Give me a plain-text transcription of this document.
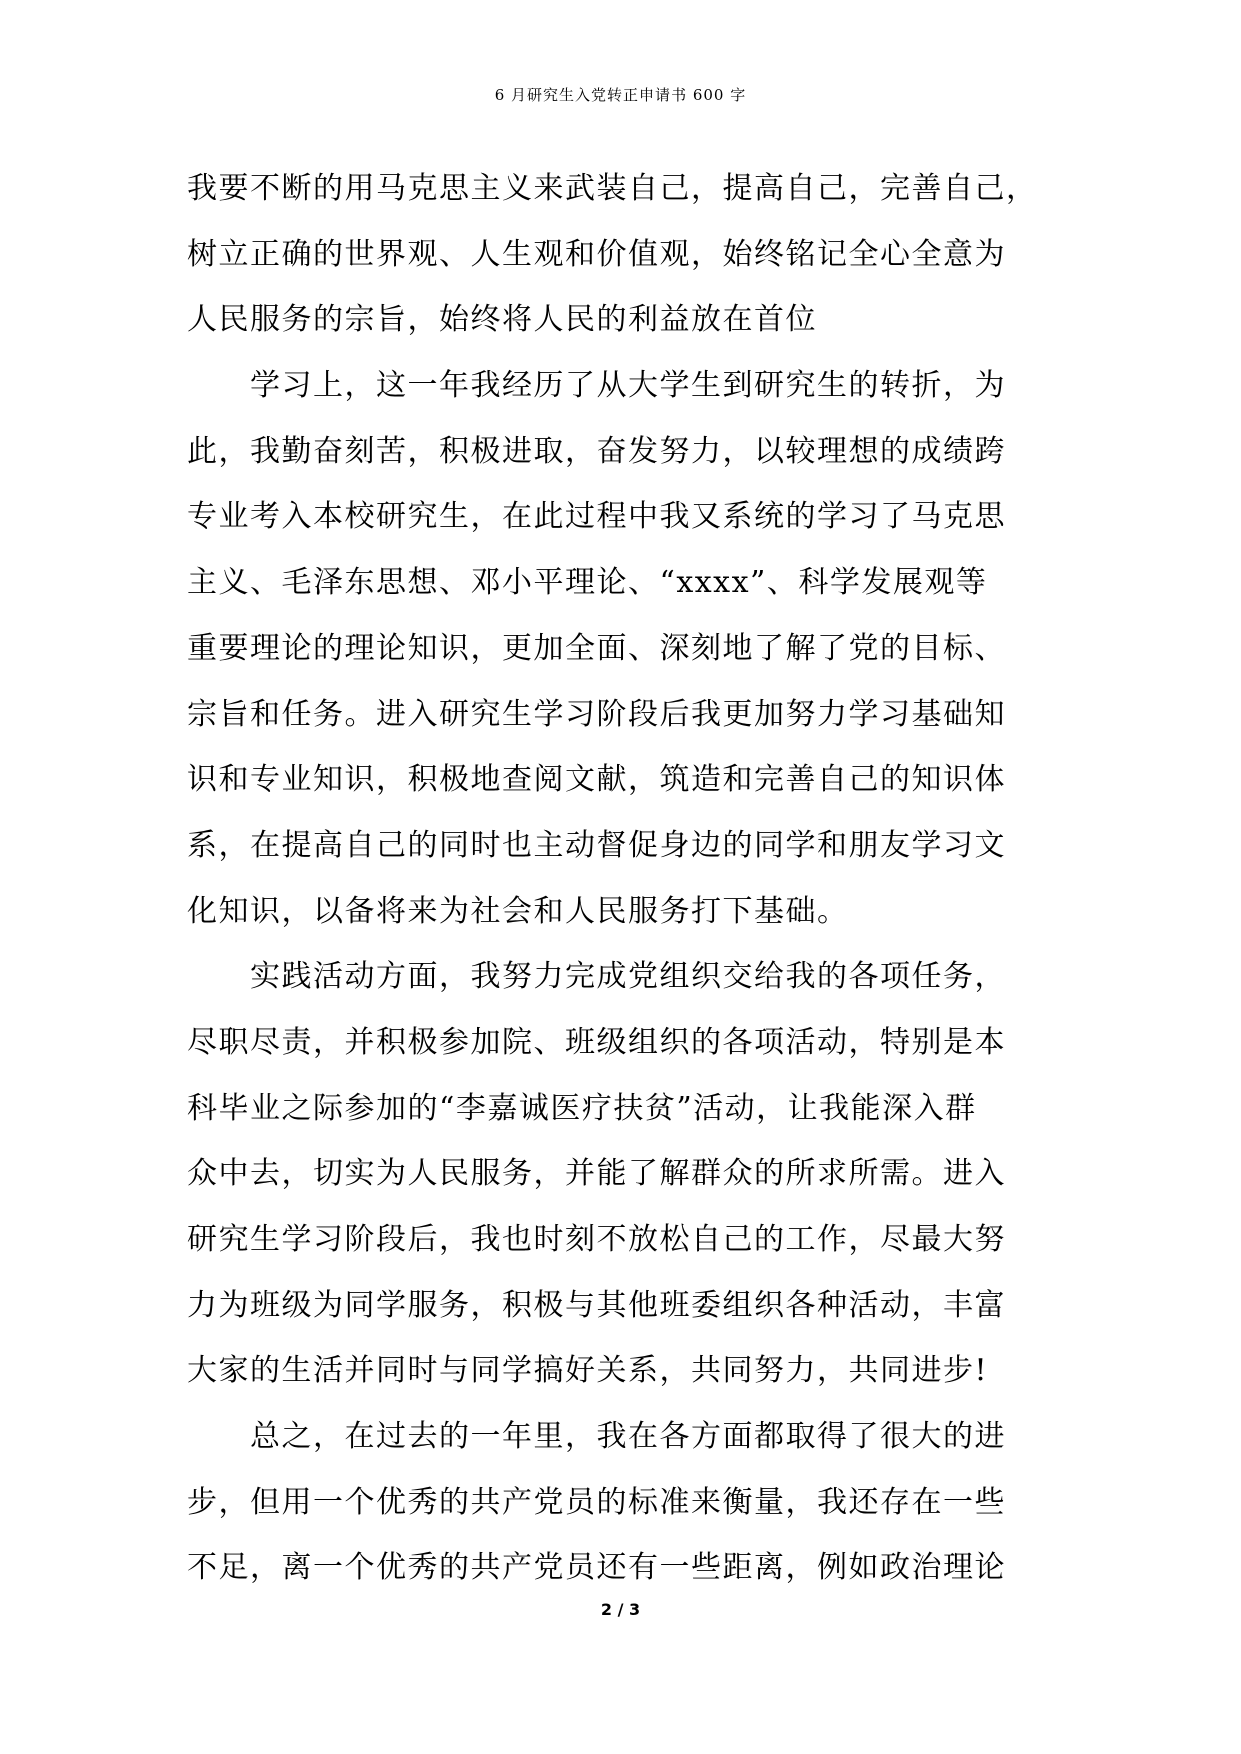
6 月研究生入党转正申请书 600 字
我要不断的用马克思主义来武装自己，提高自己，完善自己，
树立正确的世界观、人生观和价值观，始终铭记全心全意为
人民服务的宗旨，始终将人民的利益放在首位
　　学习上，这一年我经历了从大学生到研究生的转折，为
此，我勤奋刻苦，积极进取，奋发努力，以较理想的成绩跨
专业考入本校研究生，在此过程中我又系统的学习了马克思
主义、毛泽东思想、邓小平理论、“xxxx”、科学发展观等
重要理论的理论知识，更加全面、深刻地了解了党的目标、
宗旨和任务。进入研究生学习阶段后我更加努力学习基础知
识和专业知识，积极地查阅文献，筑造和完善自己的知识体
系，在提高自己的同时也主动督促身边的同学和朋友学习文
化知识，以备将来为社会和人民服务打下基础。
　　实践活动方面，我努力完成党组织交给我的各项任务，
尽职尽责，并积极参加院、班级组织的各项活动，特别是本
科毕业之际参加的“李嘉诚医疗扶贫”活动，让我能深入群
众中去，切实为人民服务，并能了解群众的所求所需。进入
研究生学习阶段后，我也时刻不放松自己的工作，尽最大努
力为班级为同学服务，积极与其他班委组织各种活动，丰富
大家的生活并同时与同学搞好关系，共同努力，共同进步!
　　总之，在过去的一年里，我在各方面都取得了很大的进
步，但用一个优秀的共产党员的标准来衡量，我还存在一些
不足，离一个优秀的共产党员还有一些距离，例如政治理论
2 / 3
